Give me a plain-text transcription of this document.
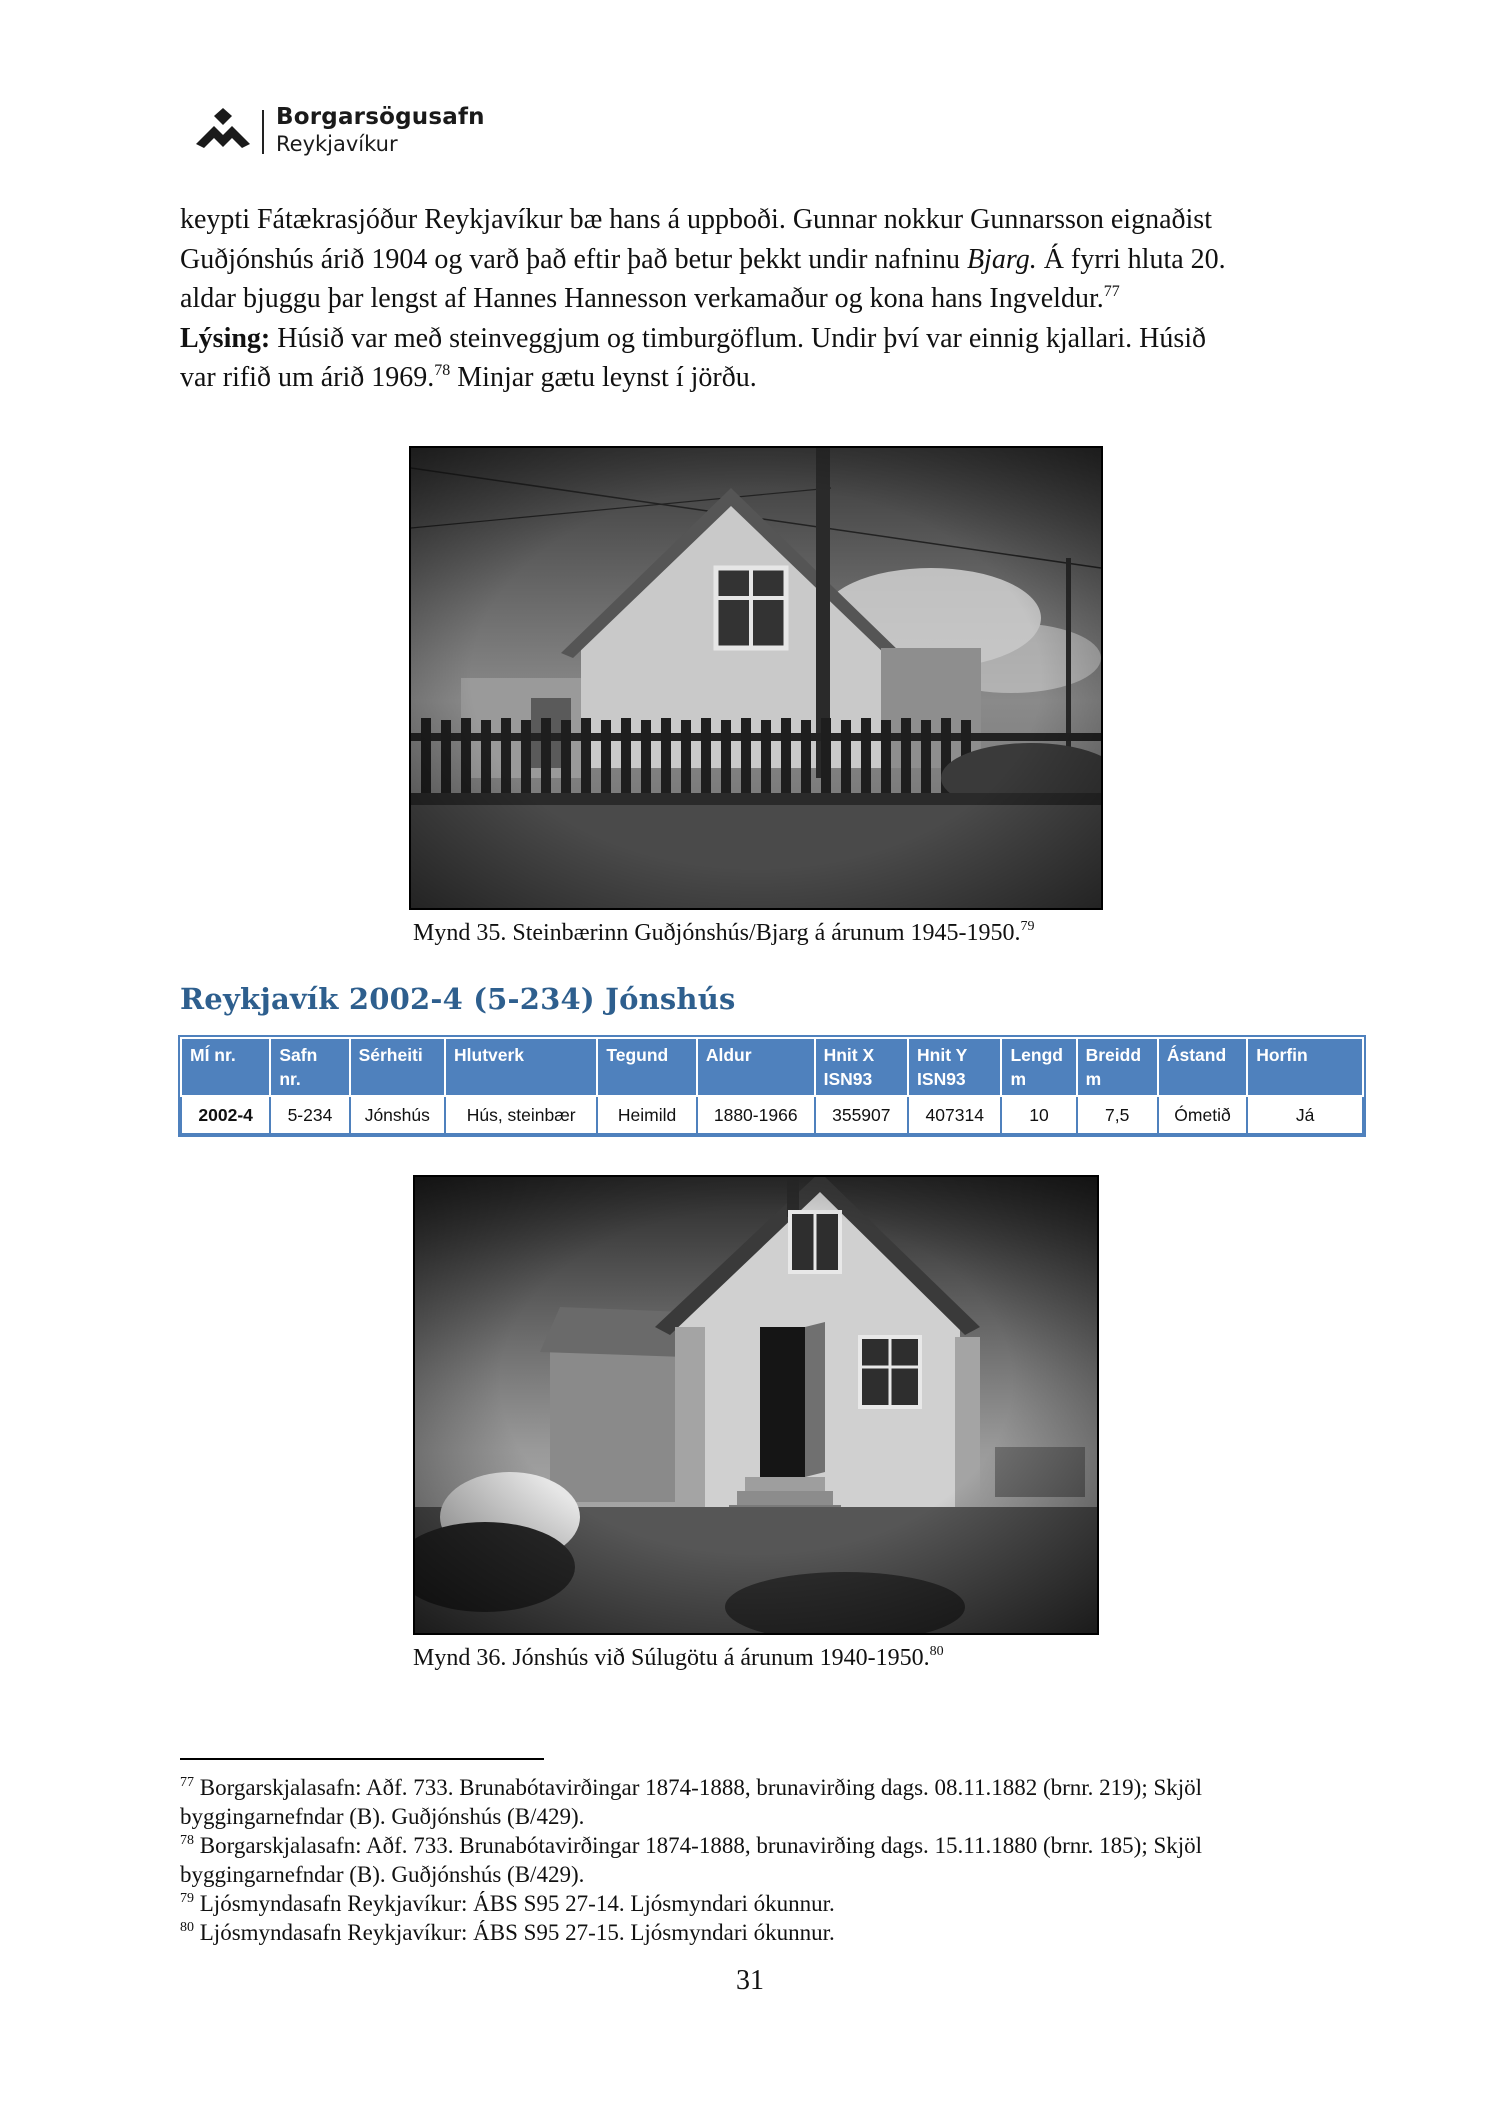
Borgarsögusafn
Reykjavíkur

keypti Fátækrasjóður Reykjavíkur bæ hans á uppboði. Gunnar nokkur Gunnarsson eignaðist

Guðjónshús árið 1904 og varð það eftir það betur þekkt undir nafninu Bjarg. Á fyrri hluta 20.

aldar bjuggu þar lengst af Hannes Hannesson verkamaður og kona hans Ingveldur.$^{77}$

Lýsing: Húsið var með steinveggjum og timburgöflum. Undir því var einnig kjallari. Húsið

var rifið um árið 1969.78 Minjar gætu leynst í jörðu.

Mynd 35. Steinbærinn Guðjónshús/Bjarg á árunum 1945-1950.79
Reykjavík 2002-4 (5-234) Jónshús
MÍ nr.	Safn nr.	Sérheiti	Hlutverk	Tegund	Aldur	Hnit X ISN93	Hnit Y ISN93	Lengd m	Breidd m	Ástand	Horfin
2002-4	5-234	Jónshús	Hús, steinbær	Heimild	1880-1966	355907	407314	10	7,5	Ómetið	Já
Mynd 36. Jónshús við Súlugötu á árunum 1940-1950.80

$^{77}$ Borgarskjalasafn: Aðf. 733. Brunabótavirðingar 1874-1888, brunavirðing dags. 08.11.1882 (brnr. 219); Skjöl byggingarnefndar (B). Guðjónshús (B/429).

$^{78}$ Borgarskjalasafn: Aðf. 733. Brunabótavirðingar 1874-1888, brunavirðing dags. 15.11.1880 (brnr. 185); Skjöl byggingarnefndar (B). Guðjónshús (B/429).

$^{79}$ Ljósmyndasafn Reykjavíkur: ÁBS S95 27-14. Ljósmyndari ókunnur.

$^{80}$ Ljósmyndasafn Reykjavíkur: ÁBS S95 27-15. Ljósmyndari ókunnur.

31
